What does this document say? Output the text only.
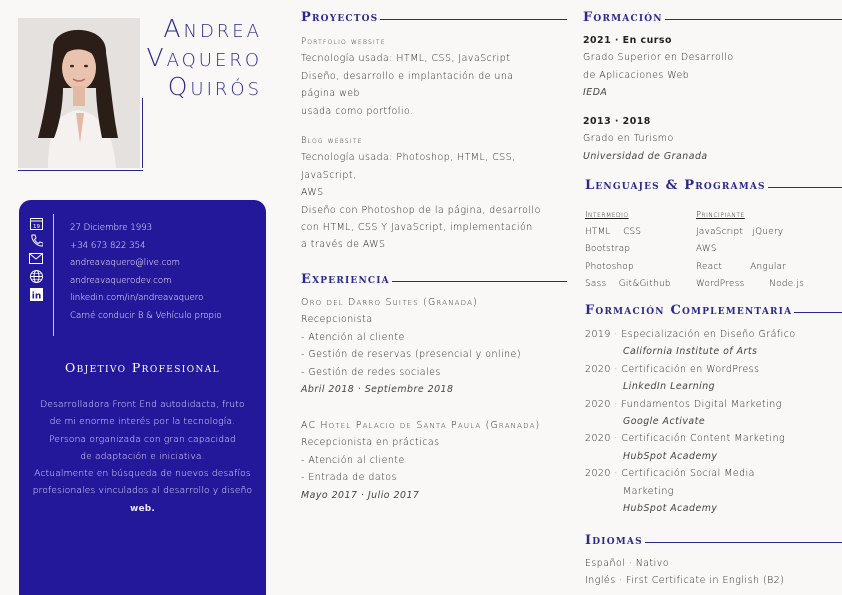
Andrea
Vaquero
Quirós
19
in
27 Diciembre 1993
+34 673 822 354
andreavaquero@live.com
andreavaquerodev.com
linkedin.com/in/andreavaquero
Carné conducir B & Vehículo propio
Objetivo Profesional
Desarrolladora Front End autodidacta, fruto
de mi enorme interés por la tecnología.
Persona organizada con gran capacidad
de adaptación e iniciativa.
Actualmente en búsqueda de nuevos desafíos
profesionales vinculados al desarrollo y diseño
web.
Proyectos
Portfolio website
Tecnología usada: HTML, CSS, JavaScript
Diseño, desarrollo e implantación de una
página web
usada como portfolio.
Blog website
Tecnología usada: Photoshop, HTML, CSS,
JavaScript,
AWS
Diseño con Photoshop de la página, desarrollo
con HTML, CSS Y JavaScript, implementación
a través de AWS
Experiencia
Oro del Darro Suites (Granada)
Recepcionista
- Atención al cliente
- Gestión de reservas (presencial y online)
- Gestión de redes sociales
Abril 2018 · Septiembre 2018
AC Hotel Palacio de Santa Paula (Granada)
Recepcionista en prácticas
- Atención al cliente
- Entrada de datos
Mayo 2017 · Julio 2017
Formación
2021 · En curso
Grado Superior en Desarrollo
de Aplicaciones Web
IEDA
2013 · 2018
Grado en Turismo
Universidad de Granada
Lenguajes & Programas
Intermedio
HTML CSS
Bootstrap
Photoshop
Sass Git&Github
Principiante
JavaScript jQuery
AWS
React	Angular
WordPress	Node.js
Formación Complementaria
2019 · Especialización en Diseño Gráfico
California Institute of Arts
2020 · Certificación en WordPress
LinkedIn Learning
2020 · Fundamentos Digital Marketing
Google Activate
2020 · Certificación Content Marketing
HubSpot Academy
2020 · Certificación Social Media
Marketing
HubSpot Academy
Idiomas
Español · Nativo
Inglés · First Certificate in English (B2)
